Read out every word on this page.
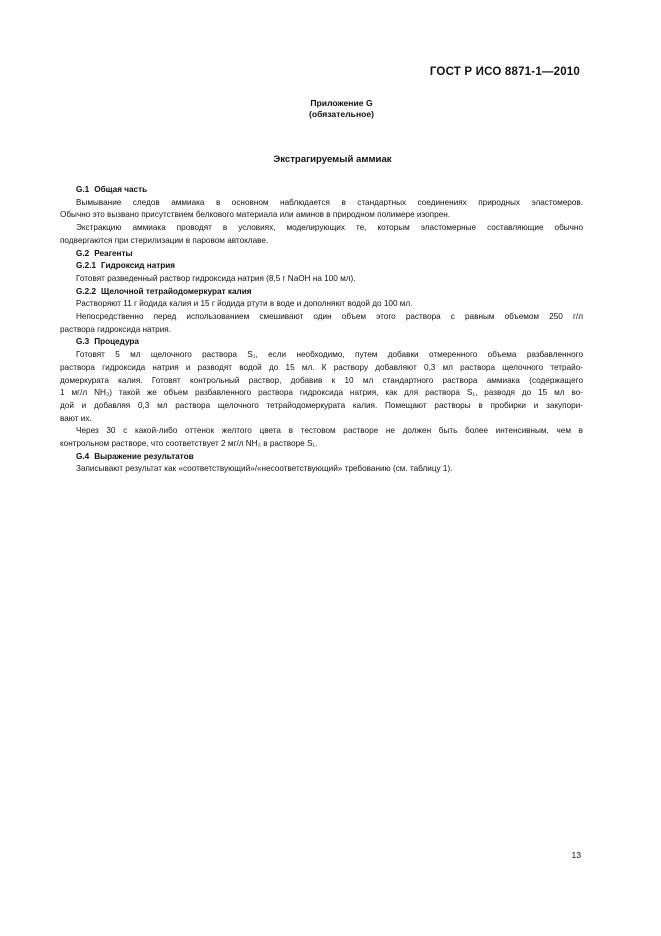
ГОСТ Р ИСО 8871-1—2010
Приложение G
(обязательное)
Экстрагируемый аммиак
G.1 Общая часть
Вымывание следов аммиака в основном наблюдается в стандартных соединениях природных эластомеров.
Обычно это вызвано присутствием белкового материала или аминов в природном полимере изопрен.
Экстракцию аммиака проводят в условиях, моделирующих те, которым эластомерные составляющие обычно
подвергаются при стерилизации в паровом автоклаве.
G.2 Реагенты
G.2.1 Гидроксид натрия
Готовят разведенный раствор гидроксида натрия (8,5 г NaOH на 100 мл).
G.2.2 Щелочной тетрайодомеркурат калия
Растворяют 11 г йодида калия и 15 г йодида ртути в воде и дополняют водой до 100 мл.
Непосредственно перед использованием смешивают один объем этого раствора с равным объемом 250 г/л
раствора гидроксида натрия.
G.3 Процедура
Готовят 5 мл щелочного раствора S₁, если необходимо, путем добавки отмеренного объема разбавленного
раствора гидроксида натрия и разводят водой до 15 мл. К раствору добавляют 0,3 мл раствора щелочного тетрайо-
домеркурата калия. Готовят контрольный раствор, добавив к 10 мл стандартного раствора аммиака (содержащего
1 мг/л NH₃) такой же объем разбавленного раствора гидроксида натрия, как для раствора S₁, разводя до 15 мл во-
дой и добавляя 0,3 мл раствора щелочного тетрайодомеркурата калия. Помещают растворы в пробирки и закупори-
вают их.
Через 30 с какой-либо оттенок желтого цвета в тестовом растворе не должен быть более интенсивным, чем в
контрольном растворе, что соответствует 2 мг/л NH₃ в растворе S₁.
G.4 Выражение результатов
Записывают результат как «соответствующий»/«несоответствующий» требованию (см. таблицу 1).
13
